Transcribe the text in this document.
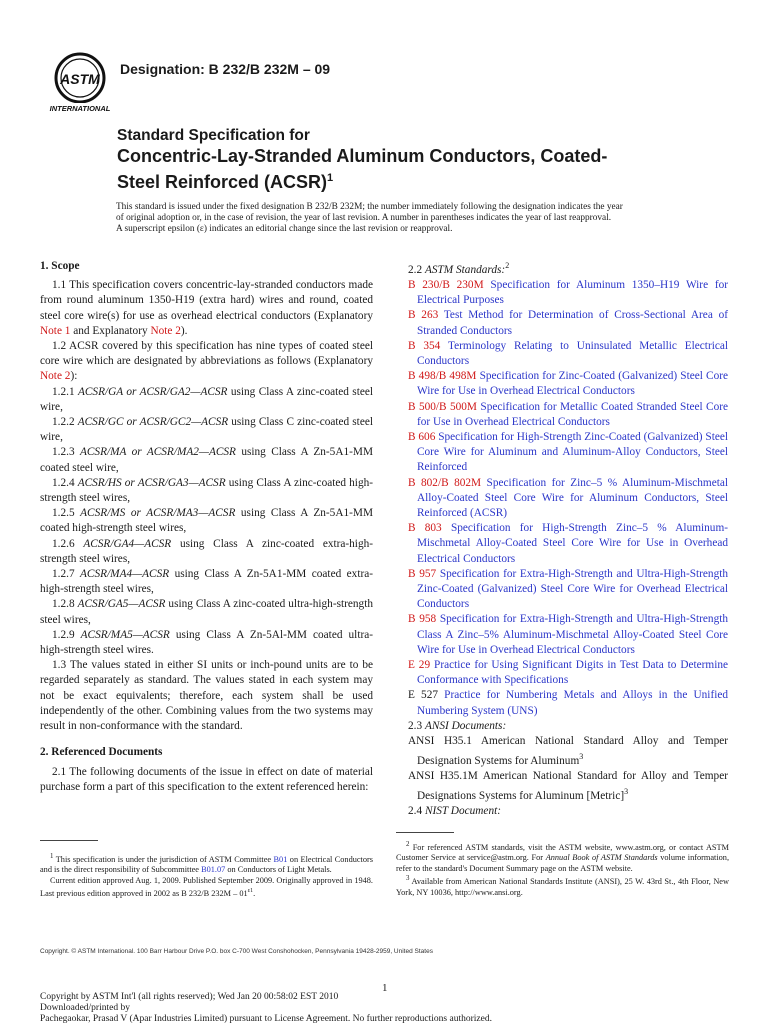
ASTM
INTERNATIONAL
Designation: B 232/B 232M – 09
Standard Specification for
Concentric-Lay-Stranded Aluminum Conductors, Coated-
Steel Reinforced (ACSR)$^1$

This standard is issued under the fixed designation B 232/B 232M; the number immediately following the designation indicates the year

of original adoption or, in the case of revision, the year of last revision. A number in parentheses indicates the year of last reapproval.

A superscript epsilon (ε) indicates an editorial change since the last revision or reapproval.

1. Scope

1.1 This specification covers concentric-lay-stranded conductors made from round aluminum 1350-H19 (extra hard) wires and round, coated steel core wire(s) for use as overhead electrical conductors (Explanatory Note 1 and Explanatory Note 2).

1.2 ACSR covered by this specification has nine types of coated steel core wire which are designated by abbreviations as follows (Explanatory Note 2):

1.2.1 ACSR/GA or ACSR/GA2—ACSR using Class A zinc-coated steel wire,

1.2.2 ACSR/GC or ACSR/GC2—ACSR using Class C zinc-coated steel wire,

1.2.3 ACSR/MA or ACSR/MA2—ACSR using Class A Zn-5A1-MM coated steel wire,

1.2.4 ACSR/HS or ACSR/GA3—ACSR using Class A zinc-coated high-strength steel wires,

1.2.5 ACSR/MS or ACSR/MA3—ACSR using Class A Zn-5A1-MM coated high-strength steel wires,

1.2.6 ACSR/GA4—ACSR using Class A zinc-coated extra-high-strength steel wires,

1.2.7 ACSR/MA4—ACSR using Class A Zn-5A1-MM coated extra-high-strength steel wires,

1.2.8 ACSR/GA5—ACSR using Class A zinc-coated ultra-high-strength steel wires,

1.2.9 ACSR/MA5—ACSR using Class A Zn-5Al-MM coated ultra-high-strength steel wires.

1.3 The values stated in either SI units or inch-pound units are to be regarded separately as standard. The values stated in each system may not be exact equivalents; therefore, each system shall be used independently of the other. Combining values from the two systems may result in non-conformance with the standard.

2. Referenced Documents

2.1 The following documents of the issue in effect on date of material purchase form a part of this specification to the extent referenced herein:

2.2 ASTM Standards:$^2$

B 230/B 230M Specification for Aluminum 1350–H19 Wire for Electrical Purposes

B 263 Test Method for Determination of Cross-Sectional Area of Stranded Conductors

B 354 Terminology Relating to Uninsulated Metallic Electrical Conductors

B 498/B 498M Specification for Zinc-Coated (Galvanized) Steel Core Wire for Use in Overhead Electrical Conductors

B 500/B 500M Specification for Metallic Coated Stranded Steel Core for Use in Overhead Electrical Conductors

B 606 Specification for High-Strength Zinc-Coated (Galvanized) Steel Core Wire for Aluminum and Aluminum-Alloy Conductors, Steel Reinforced

B 802/B 802M Specification for Zinc–5 % Aluminum-Mischmetal Alloy-Coated Steel Core Wire for Aluminum Conductors, Steel Reinforced (ACSR)

B 803 Specification for High-Strength Zinc–5 % Aluminum-Mischmetal Alloy-Coated Steel Core Wire for Use in Overhead Electrical Conductors

B 957 Specification for Extra-High-Strength and Ultra-High-Strength Zinc-Coated (Galvanized) Steel Core Wire for Overhead Electrical Conductors

B 958 Specification for Extra-High-Strength and Ultra-High-Strength Class A Zinc–5% Aluminum-Mischmetal Alloy-Coated Steel Core Wire for Use in Overhead Electrical Conductors

E 29 Practice for Using Significant Digits in Test Data to Determine Conformance with Specifications

E 527 Practice for Numbering Metals and Alloys in the Unified Numbering System (UNS)

2.3 ANSI Documents:

ANSI H35.1 American National Standard Alloy and Temper Designation Systems for Aluminum$^3$

ANSI H35.1M American National Standard for Alloy and Temper Designations Systems for Aluminum [Metric]$^3$

2.4 NIST Document:

$^1$ This specification is under the jurisdiction of ASTM Committee B01 on Electrical Conductors and is the direct responsibility of Subcommittee B01.07 on Conductors of Light Metals.

Current edition approved Aug. 1, 2009. Published September 2009. Originally approved in 1948. Last previous edition approved in 2002 as B 232/B $232M - 01^{\varepsilon 1}$.

$^2$ For referenced ASTM standards, visit the ASTM website, www.astm.org, or contact ASTM Customer Service at service@astm.org. For Annual Book of ASTM Standards volume information, refer to the standard's Document Summary page on the ASTM website.

$^3$ Available from American National Standards Institute (ANSI), 25 W. 43rd St., 4th Floor, New York, NY 10036, http://www.ansi.org.

Copyright. © ASTM International. 100 Barr Harbour Drive P.O. box C-700 West Conshohocken, Pennsylvania 19428-2959, United States
1

Copyright by ASTM Int'l (all rights reserved); Wed Jan 20 00:58:02 EST 2010

Downloaded/printed by

Pachegaokar, Prasad V (Apar Industries Limited) pursuant to License Agreement. No further reproductions authorized.
